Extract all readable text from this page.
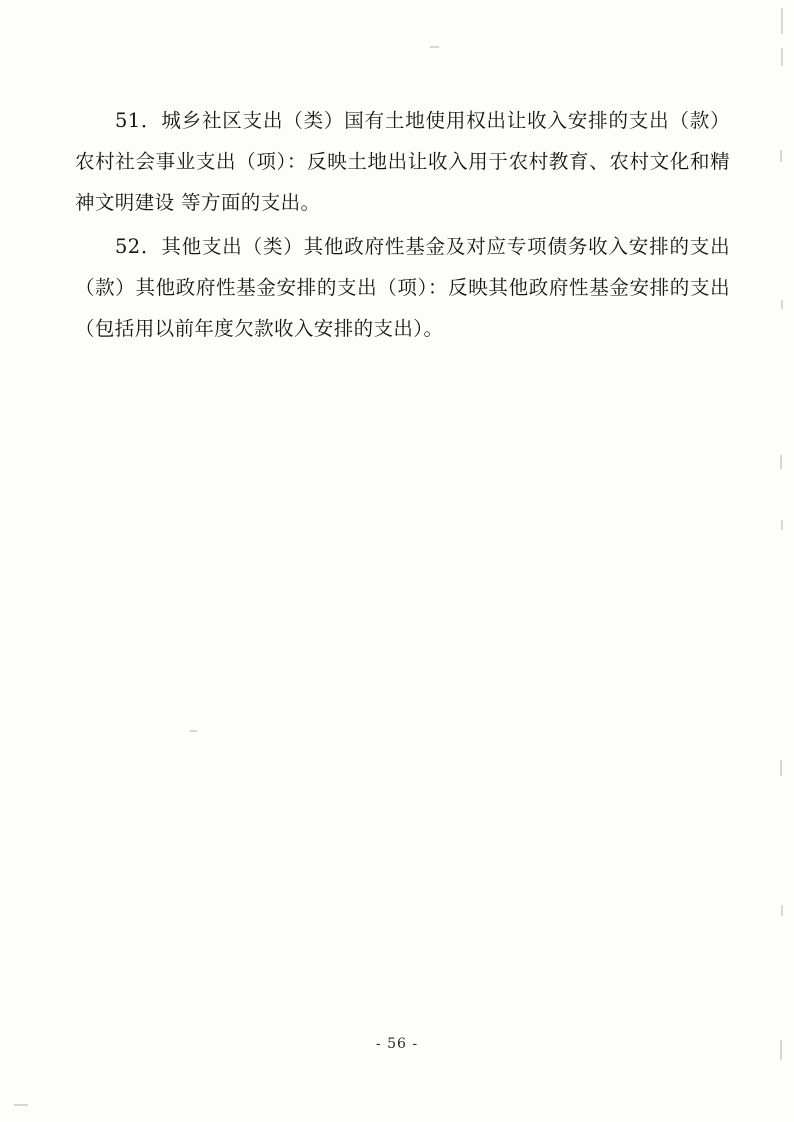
51．城乡社区支出（类）国有土地使用权出让收入安排的支出（款）农村社会事业支出（项）：反映土地出让收入用于农村教育、农村文化和精神文明建设 等方面的支出。

52．其他支出（类）其他政府性基金及对应专项债务收入安排的支出（款）其他政府性基金安排的支出（项）：反映其他政府性基金安排的支出（包括用以前年度欠款收入安排的支出）。

- 56 -
